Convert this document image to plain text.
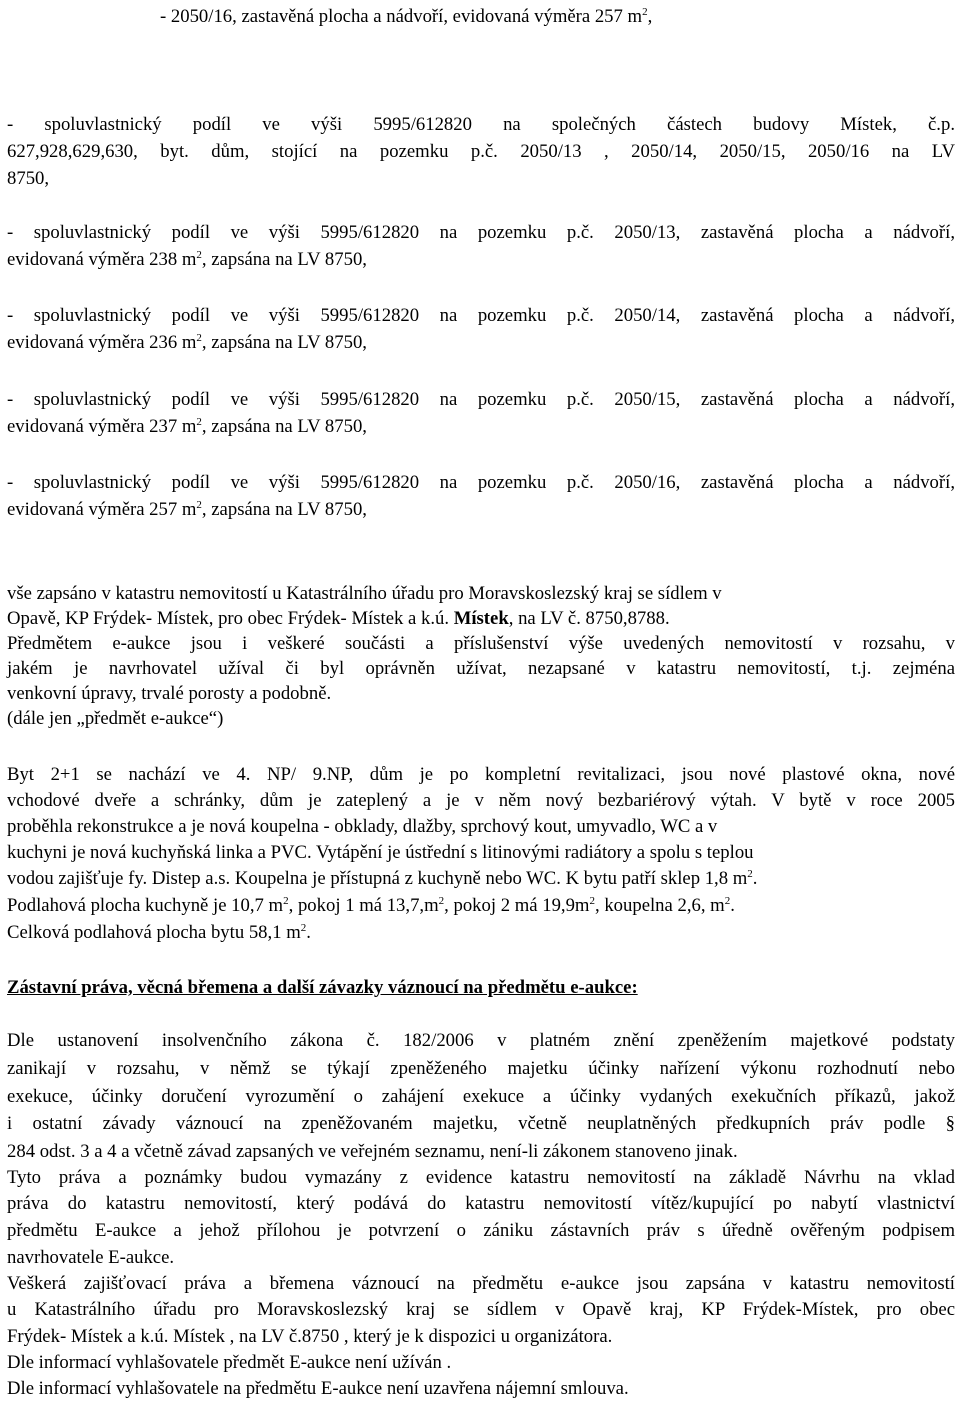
- 2050/16, zastavěná plocha a nádvoří, evidovaná výměra 257 $m^2$,
- spoluvlastnický podíl ve výši 5995/612820 na společných částech budovy Místek, č.p.
627,928,629,630, byt. dům, stojící na pozemku p.č. 2050/13 , 2050/14, 2050/15, 2050/16 na LV
8750,
- spoluvlastnický podíl ve výši 5995/612820 na pozemku p.č. 2050/13, zastavěná plocha a nádvoří,
evidovaná výměra 238 $m^2$, zapsána na LV 8750,
- spoluvlastnický podíl ve výši 5995/612820 na pozemku p.č. 2050/14, zastavěná plocha a nádvoří,
evidovaná výměra 236 $m^2$, zapsána na LV 8750,
- spoluvlastnický podíl ve výši 5995/612820 na pozemku p.č. 2050/15, zastavěná plocha a nádvoří,
evidovaná výměra 237 $m^2$, zapsána na LV 8750,
- spoluvlastnický podíl ve výši 5995/612820 na pozemku p.č. 2050/16, zastavěná plocha a nádvoří,
evidovaná výměra 257 $m^2$, zapsána na LV 8750,
vše zapsáno v katastru nemovitostí u Katastrálního úřadu pro Moravskoslezský kraj se sídlem v
Opavě, KP Frýdek- Místek, pro obec Frýdek- Místek a k.ú. Místek, na LV č. 8750,8788.
Předmětem e-aukce jsou i veškeré součásti a příslušenství výše uvedených nemovitostí v rozsahu, v
jakém je navrhovatel užíval či byl oprávněn užívat, nezapsané v katastru nemovitostí, t.j. zejména
venkovní úpravy, trvalé porosty a podobně.
(dále jen „předmět e-aukce“)
Byt 2+1 se nachází ve 4. NP/ 9.NP, dům je po kompletní revitalizaci, jsou nové plastové okna, nové
vchodové dveře a schránky, dům je zateplený a je v něm nový bezbariérový výtah. V bytě v roce 2005
proběhla rekonstrukce a je nová koupelna - obklady, dlažby, sprchový kout, umyvadlo, WC a v
kuchyni je nová kuchyňská linka a PVC. Vytápění je ústřední s litinovými radiátory a spolu s teplou
vodou zajišťuje fy. Distep a.s. Koupelna je přístupná z kuchyně nebo WC. K bytu patří sklep 1,8 $m^2$.
Podlahová plocha kuchyně je 10,7 $m^2$, pokoj 1 má $13,7,m^2$, pokoj 2 má $19,9m^2$, koupelna 2,6, $m^2$.
Celková podlahová plocha bytu 58,1 $m^2$.
Zástavní práva, věcná břemena a další závazky váznoucí na předmětu e-aukce:
Dle ustanovení insolvenčního zákona č. 182/2006 v platném znění zpeněžením majetkové podstaty
zanikají v rozsahu, v němž se týkají zpeněženého majetku účinky nařízení výkonu rozhodnutí nebo
exekuce, účinky doručení vyrozumění o zahájení exekuce a účinky vydaných exekučních příkazů, jakož
i ostatní závady váznoucí na zpeněžovaném majetku, včetně neuplatněných předkupních práv podle §
284 odst. 3 a 4 a včetně závad zapsaných ve veřejném seznamu, není-li zákonem stanoveno jinak.
Tyto práva a poznámky budou vymazány z evidence katastru nemovitostí na základě Návrhu na vklad
práva do katastru nemovitostí, který podává do katastru nemovitostí vítěz/kupující po nabytí vlastnictví
předmětu E-aukce a jehož přílohou je potvrzení o zániku zástavních práv s úředně ověřeným podpisem
navrhovatele E-aukce.
Veškerá zajišťovací práva a břemena váznoucí na předmětu e-aukce jsou zapsána v katastru nemovitostí
u Katastrálního úřadu pro Moravskoslezský kraj se sídlem v Opavě kraj, KP Frýdek-Místek, pro obec
Frýdek- Místek a k.ú. Místek , na LV č.8750 , který je k dispozici u organizátora.
Dle informací vyhlašovatele předmět E-aukce není užíván .
Dle informací vyhlašovatele na předmětu E-aukce není uzavřena nájemní smlouva.
